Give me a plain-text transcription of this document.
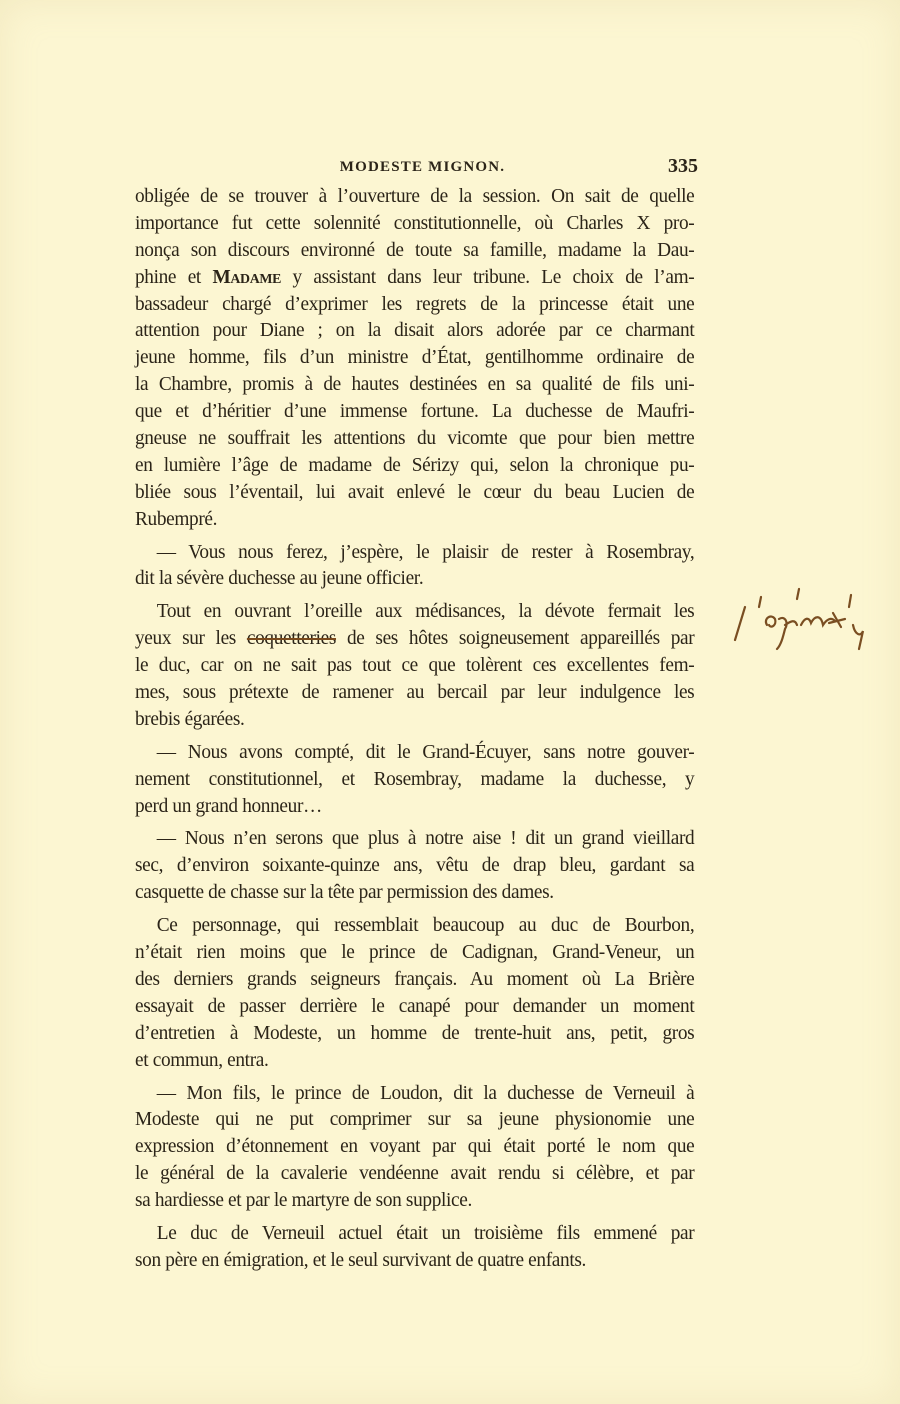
MODESTE MIGNON.	335
obligée de se trouver à l’ouverture de la session. On sait de quelle
importance fut cette solennité constitutionnelle, où Charles X pro-
nonça son discours environné de toute sa famille, madame la Dau-
phine et Madame y assistant dans leur tribune. Le choix de l’am-
bassadeur chargé d’exprimer les regrets de la princesse était une
attention pour Diane ; on la disait alors adorée par ce charmant
jeune homme, fils d’un ministre d’État, gentilhomme ordinaire de
la Chambre, promis à de hautes destinées en sa qualité de fils uni-
que et d’héritier d’une immense fortune. La duchesse de Maufri-
gneuse ne souffrait les attentions du vicomte que pour bien mettre
en lumière l’âge de madame de Sérizy qui, selon la chronique pu-
bliée sous l’éventail, lui avait enlevé le cœur du beau Lucien de
Rubempré.
— Vous nous ferez, j’espère, le plaisir de rester à Rosembray,
dit la sévère duchesse au jeune officier.
Tout en ouvrant l’oreille aux médisances, la dévote fermait les
yeux sur les coquetteries de ses hôtes soigneusement appareillés par
le duc, car on ne sait pas tout ce que tolèrent ces excellentes fem-
mes, sous prétexte de ramener au bercail par leur indulgence les
brebis égarées.
— Nous avons compté, dit le Grand-Écuyer, sans notre gouver-
nement constitutionnel, et Rosembray, madame la duchesse, y
perd un grand honneur…
— Nous n’en serons que plus à notre aise ! dit un grand vieillard
sec, d’environ soixante-quinze ans, vêtu de drap bleu, gardant sa
casquette de chasse sur la tête par permission des dames.
Ce personnage, qui ressemblait beaucoup au duc de Bourbon,
n’était rien moins que le prince de Cadignan, Grand-Veneur, un
des derniers grands seigneurs français. Au moment où La Brière
essayait de passer derrière le canapé pour demander un moment
d’entretien à Modeste, un homme de trente-huit ans, petit, gros
et commun, entra.
— Mon fils, le prince de Loudon, dit la duchesse de Verneuil à
Modeste qui ne put comprimer sur sa jeune physionomie une
expression d’étonnement en voyant par qui était porté le nom que
le général de la cavalerie vendéenne avait rendu si célèbre, et par
sa hardiesse et par le martyre de son supplice.
Le duc de Verneuil actuel était un troisième fils emmené par
son père en émigration, et le seul survivant de quatre enfants.
